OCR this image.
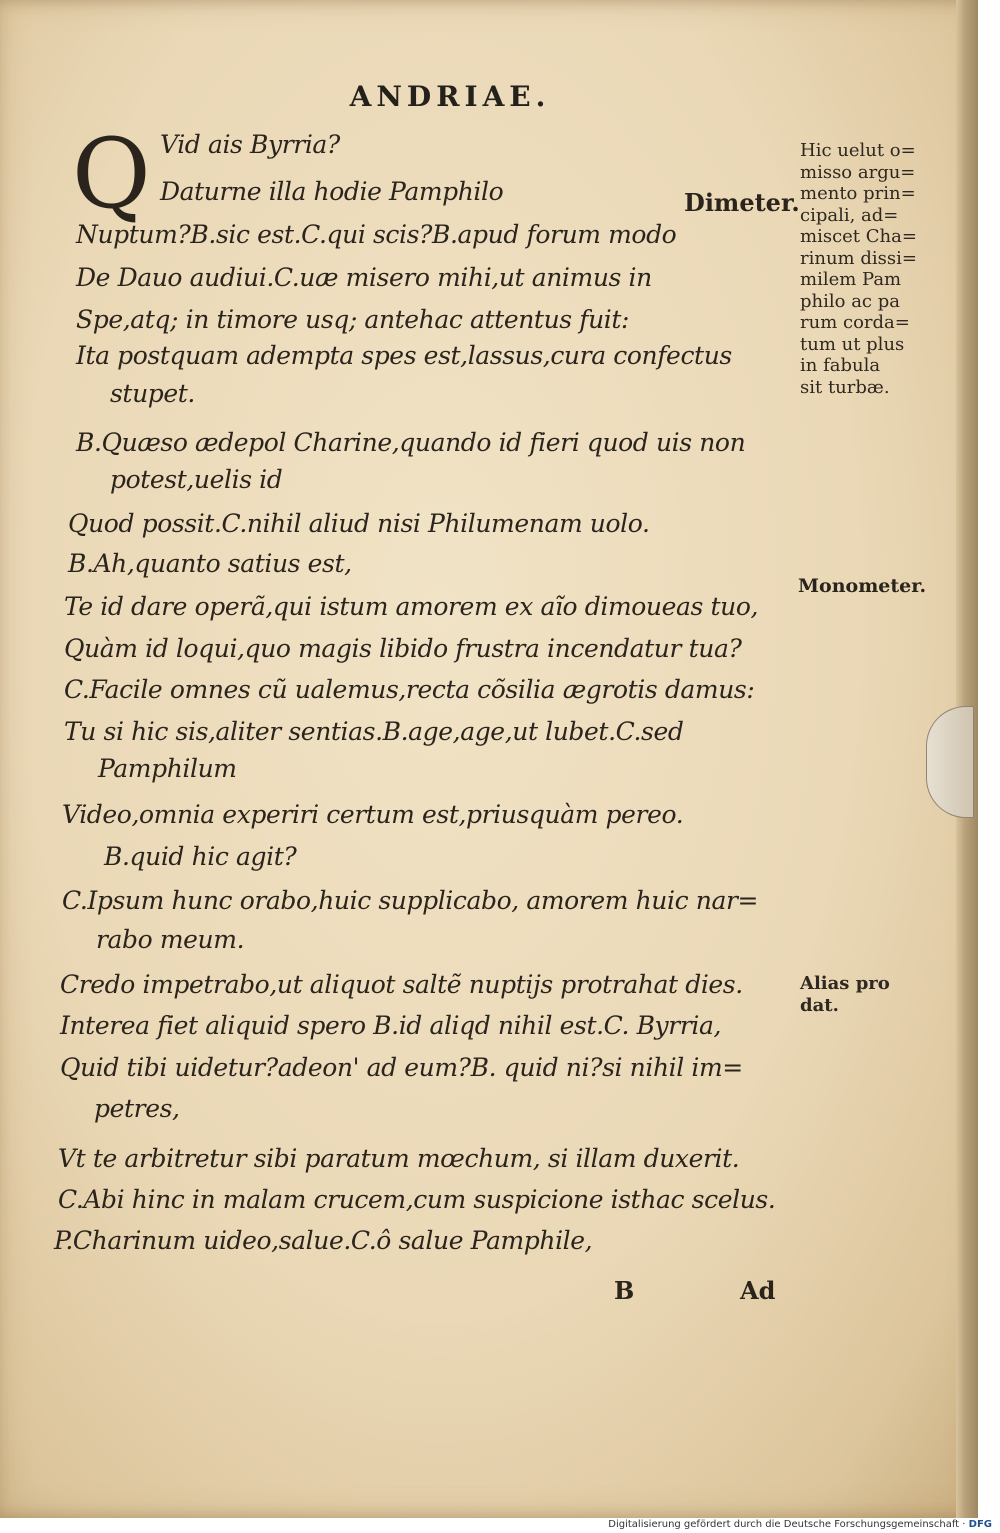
ANDRIAE.
Q Vid ais Byrria?
Daturne illa hodie Pamphilo
Nuptum?B.sic est.C.qui scis?B.apud forum modo
De Dauo audiui.C.uæ misero mihi,ut animus in
Spe,atq; in timore usq; antehac attentus fuit:
Ita postquam adempta spes est,lassus,cura confectus
stupet.
B.Quæso ædepol Charine,quando id fieri quod uis non
potest,uelis id
Quod possit.C.nihil aliud nisi Philumenam uolo.
B.Ah,quanto satius est,
Te id dare operã,qui istum amorem ex aĩo dimoueas tuo,
Quàm id loqui,quo magis libido frustra incendatur tua?
C.Facile omnes cũ ualemus,recta cõsilia ægrotis damus:
Tu si hic sis,aliter sentias.B.age,age,ut lubet.C.sed
Pamphilum
Video,omnia experiri certum est,priusquàm pereo.
B.quid hic agit?
C.Ipsum hunc orabo,huic supplicabo, amorem huic nar=
rabo meum.
Credo impetrabo,ut aliquot saltẽ nuptijs protrahat dies.
Interea fiet aliquid spero B.id aliqd nihil est.C. Byrria,
Quid tibi uidetur?adeon' ad eum?B. quid ni?si nihil im=
petres,
Vt te arbitretur sibi paratum mœchum, si illam duxerit.
C.Abi hinc in malam crucem,cum suspicione isthac scelus.
P.Charinum uideo,salue.C.ô salue Pamphile,
Dimeter.
Monometer.
Hic uelut o=
misso argu=
mento prin=
cipali, ad=
miscet Cha=
rinum dissi=
milem Pam
philo ac pa
rum corda=
tum ut plus
in fabula
sit turbæ.
Alias pro
dat.
B	Ad
Digitalisierung gefördert durch die Deutsche Forschungsgemeinschaft · DFG
